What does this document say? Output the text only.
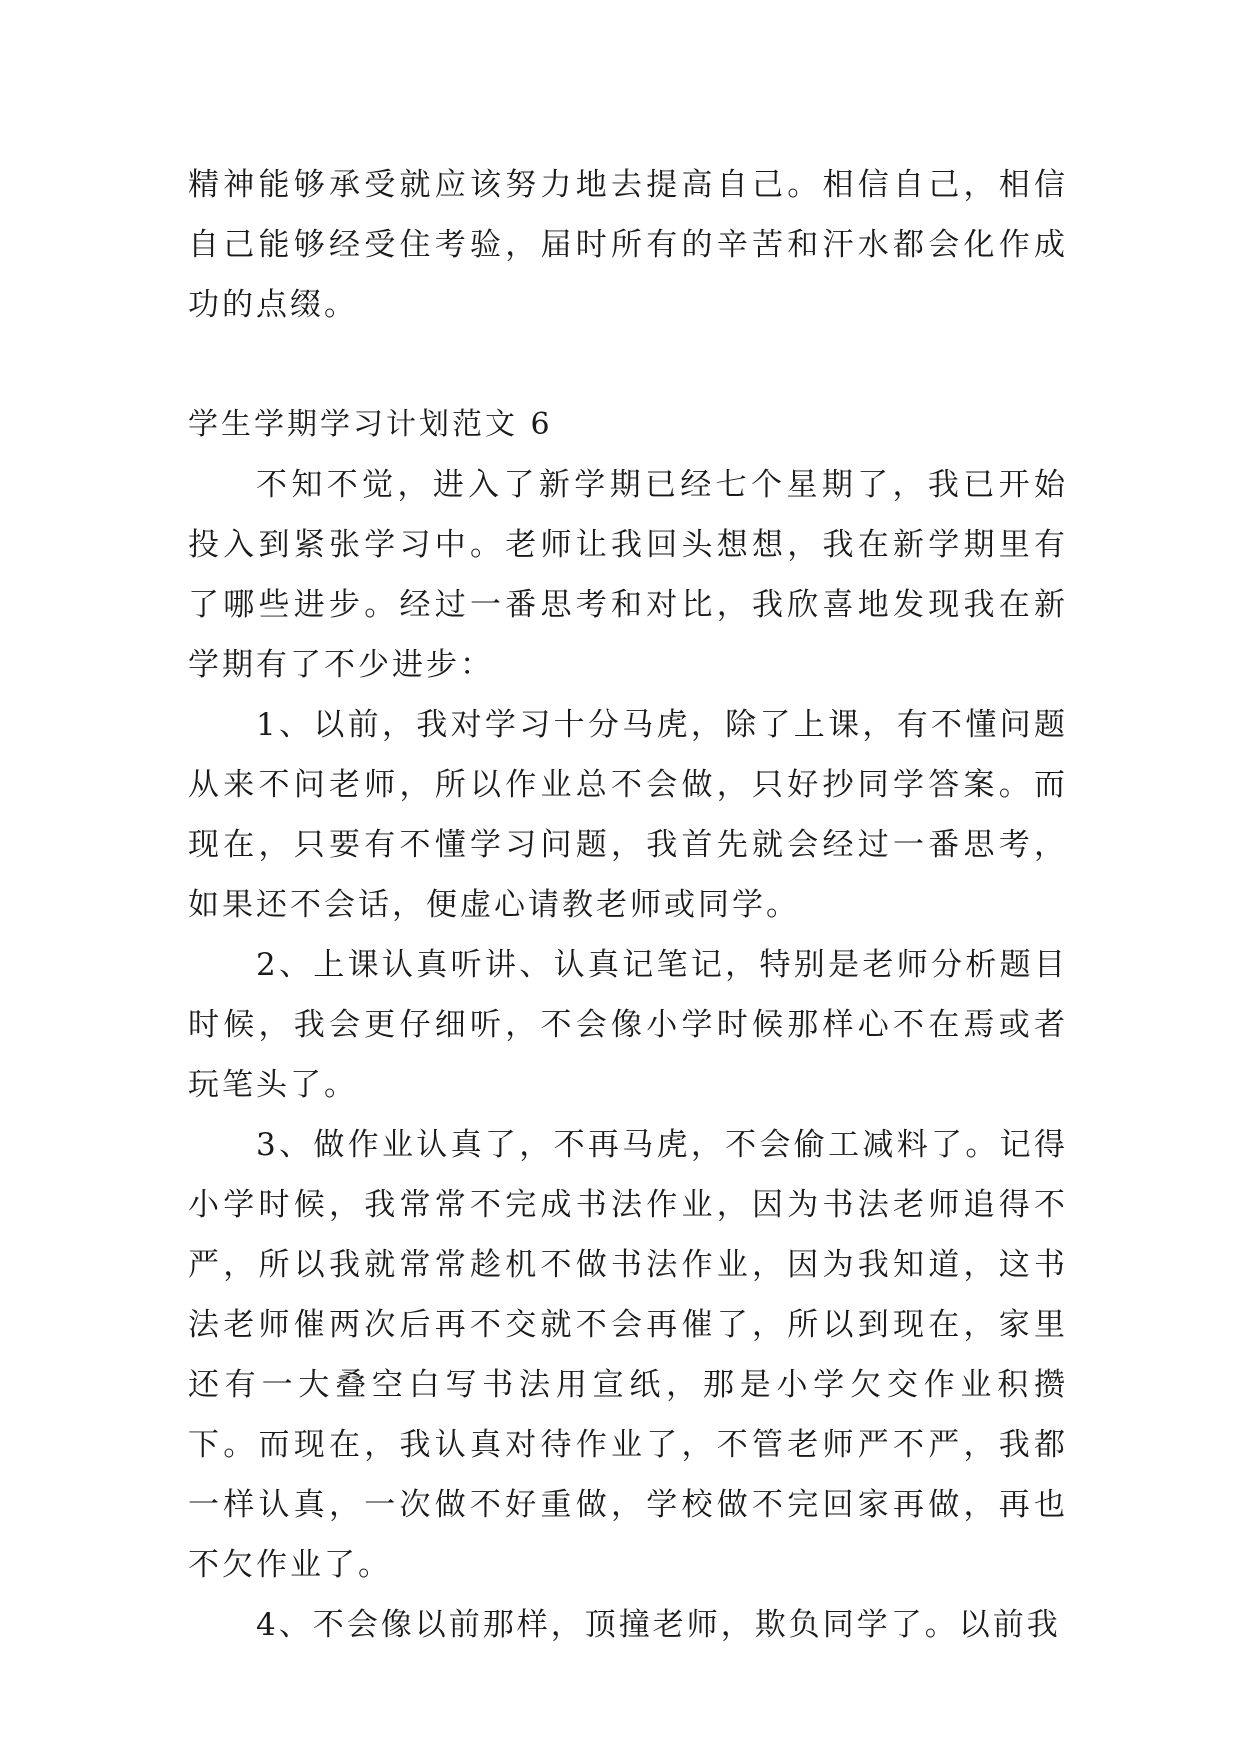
精神能够承受就应该努力地去提高自己。相信自己，相信自己能够经受住考验，届时所有的辛苦和汗水都会化作成功的点缀。

学生学期学习计划范文 6

不知不觉，进入了新学期已经七个星期了，我已开始投入到紧张学习中。老师让我回头想想，我在新学期里有了哪些进步。经过一番思考和对比，我欣喜地发现我在新学期有了不少进步：

1、以前，我对学习十分马虎，除了上课，有不懂问题从来不问老师，所以作业总不会做，只好抄同学答案。而现在，只要有不懂学习问题，我首先就会经过一番思考，如果还不会话，便虚心请教老师或同学。

2、上课认真听讲、认真记笔记，特别是老师分析题目时候，我会更仔细听，不会像小学时候那样心不在焉或者玩笔头了。

3、做作业认真了，不再马虎，不会偷工减料了。记得小学时候，我常常不完成书法作业，因为书法老师追得不严，所以我就常常趁机不做书法作业，因为我知道，这书法老师催两次后再不交就不会再催了，所以到现在，家里还有一大叠空白写书法用宣纸，那是小学欠交作业积攒下。而现在，我认真对待作业了，不管老师严不严，我都一样认真，一次做不好重做，学校做不完回家再做，再也不欠作业了。

4、不会像以前那样，顶撞老师，欺负同学了。以前我
